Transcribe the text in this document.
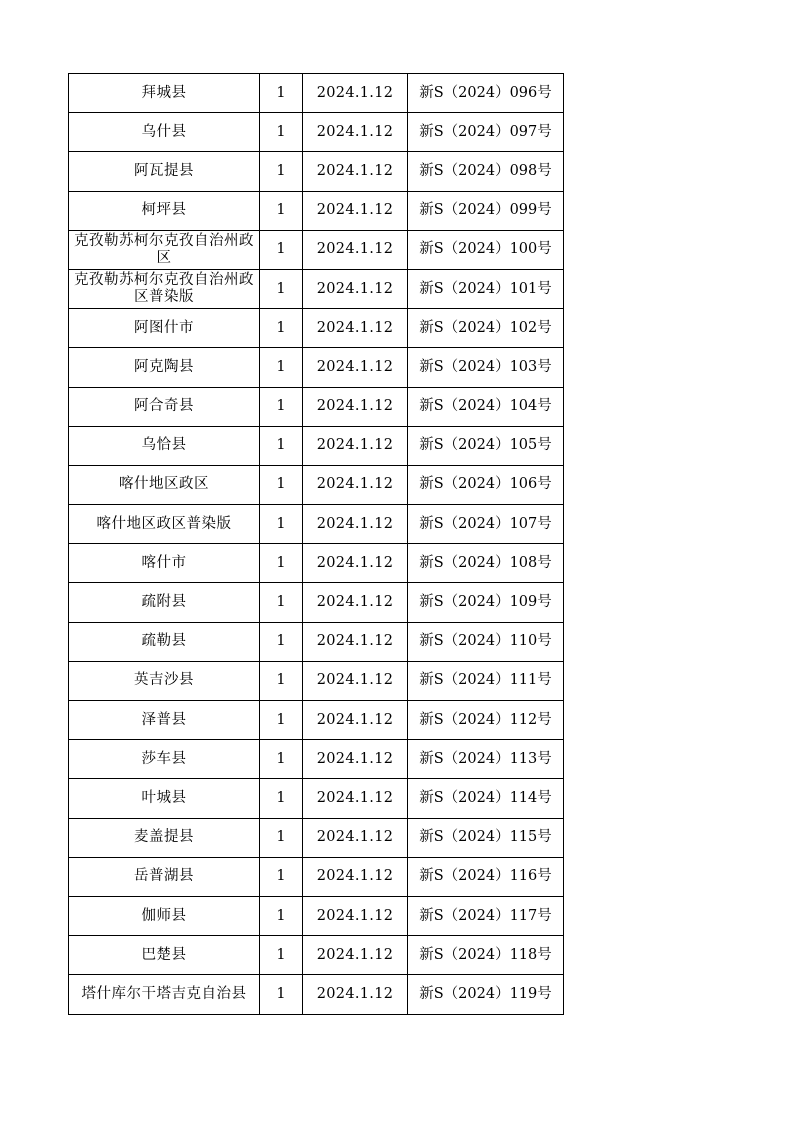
拜城县	1	2024.1.12	新S（2024）096号
乌什县	1	2024.1.12	新S（2024）097号
阿瓦提县	1	2024.1.12	新S（2024）098号
柯坪县	1	2024.1.12	新S（2024）099号
克孜勒苏柯尔克孜自治州政区	1	2024.1.12	新S（2024）100号
克孜勒苏柯尔克孜自治州政区普染版	1	2024.1.12	新S（2024）101号
阿图什市	1	2024.1.12	新S（2024）102号
阿克陶县	1	2024.1.12	新S（2024）103号
阿合奇县	1	2024.1.12	新S（2024）104号
乌恰县	1	2024.1.12	新S（2024）105号
喀什地区政区	1	2024.1.12	新S（2024）106号
喀什地区政区普染版	1	2024.1.12	新S（2024）107号
喀什市	1	2024.1.12	新S（2024）108号
疏附县	1	2024.1.12	新S（2024）109号
疏勒县	1	2024.1.12	新S（2024）110号
英吉沙县	1	2024.1.12	新S（2024）111号
泽普县	1	2024.1.12	新S（2024）112号
莎车县	1	2024.1.12	新S（2024）113号
叶城县	1	2024.1.12	新S（2024）114号
麦盖提县	1	2024.1.12	新S（2024）115号
岳普湖县	1	2024.1.12	新S（2024）116号
伽师县	1	2024.1.12	新S（2024）117号
巴楚县	1	2024.1.12	新S（2024）118号
塔什库尔干塔吉克自治县	1	2024.1.12	新S（2024）119号
